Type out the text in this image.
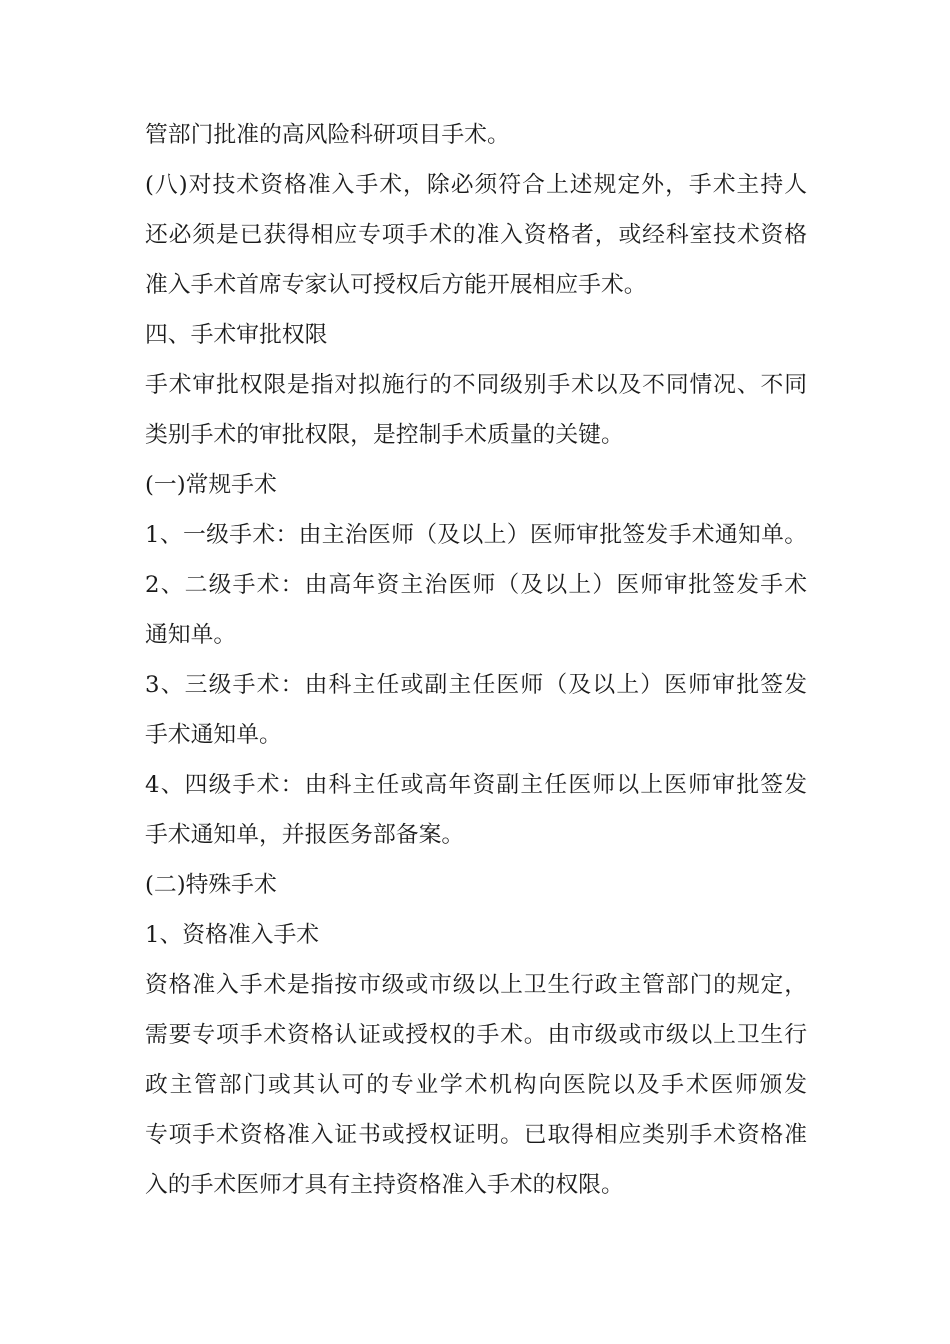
管部门批准的高风险科研项目手术。
(八)对技术资格准入手术，除必须符合上述规定外，手术主持人
还必须是已获得相应专项手术的准入资格者，或经科室技术资格
准入手术首席专家认可授权后方能开展相应手术。
四、手术审批权限
手术审批权限是指对拟施行的不同级别手术以及不同情况、不同
类别手术的审批权限，是控制手术质量的关键。
(一)常规手术
1、一级手术：由主治医师（及以上）医师审批签发手术通知单。
2、二级手术：由高年资主治医师（及以上）医师审批签发手术
通知单。
3、三级手术：由科主任或副主任医师（及以上）医师审批签发
手术通知单。
4、四级手术：由科主任或高年资副主任医师以上医师审批签发
手术通知单，并报医务部备案。
(二)特殊手术
1、资格准入手术
资格准入手术是指按市级或市级以上卫生行政主管部门的规定，
需要专项手术资格认证或授权的手术。由市级或市级以上卫生行
政主管部门或其认可的专业学术机构向医院以及手术医师颁发
专项手术资格准入证书或授权证明。已取得相应类别手术资格准
入的手术医师才具有主持资格准入手术的权限。
